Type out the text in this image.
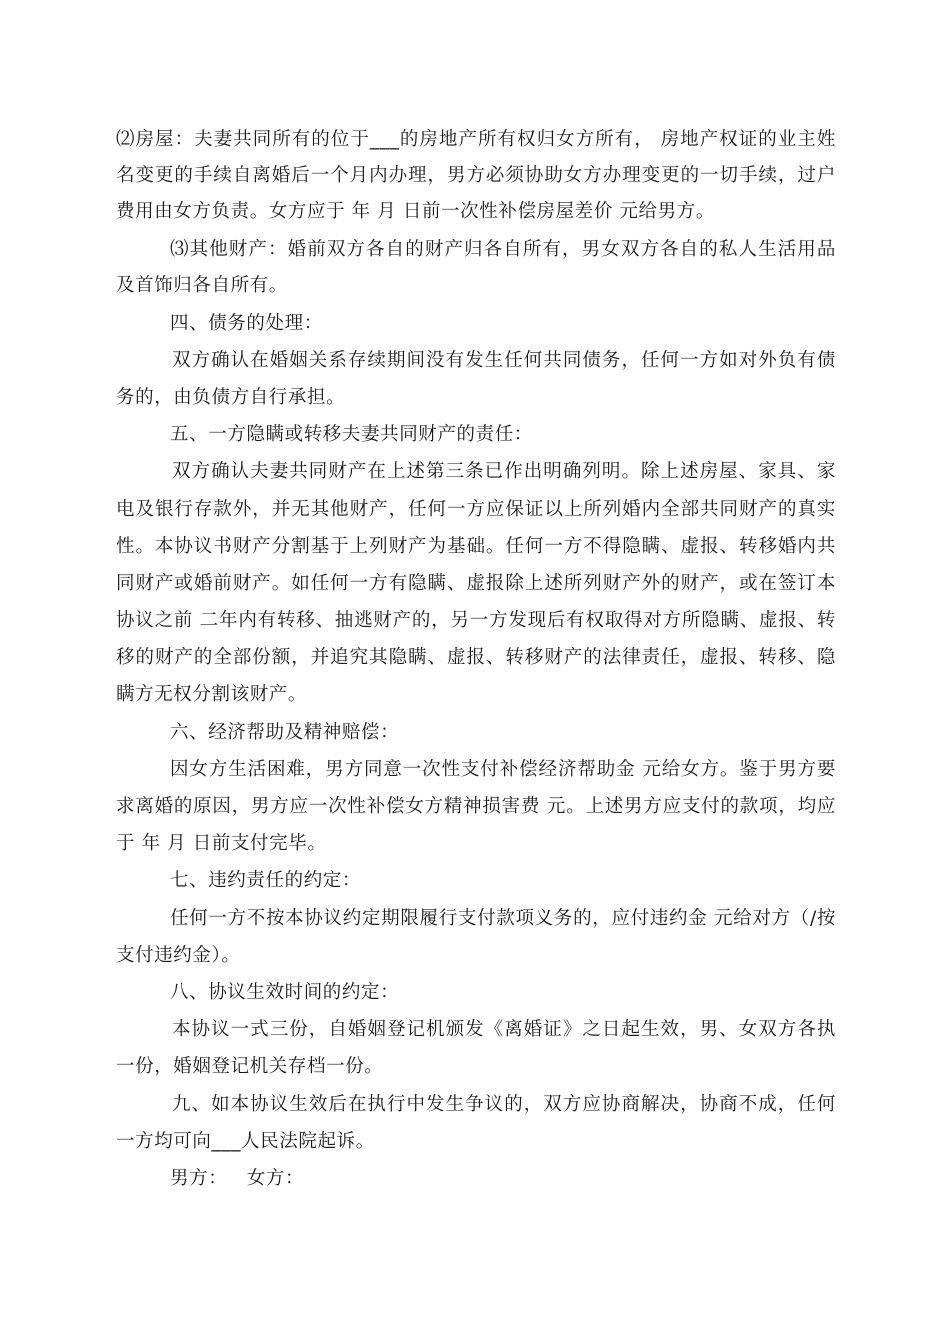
⑵房屋：夫妻共同所有的位于___的房地产所有权归女方所有， 房地产权证的业主姓
名变更的手续自离婚后一个月内办理，男方必须协助女方办理变更的一切手续，过户
费用由女方负责。女方应于 年 月 日前一次性补偿房屋差价 元给男方。
⑶其他财产：婚前双方各自的财产归各自所有，男女双方各自的私人生活用品
及首饰归各自所有。
四、债务的处理：
双方确认在婚姻关系存续期间没有发生任何共同债务，任何一方如对外负有债
务的，由负债方自行承担。
五、一方隐瞒或转移夫妻共同财产的责任：
双方确认夫妻共同财产在上述第三条已作出明确列明。除上述房屋、家具、家
电及银行存款外，并无其他财产，任何一方应保证以上所列婚内全部共同财产的真实
性。本协议书财产分割基于上列财产为基础。任何一方不得隐瞒、虚报、转移婚内共
同财产或婚前财产。如任何一方有隐瞒、虚报除上述所列财产外的财产，或在签订本
协议之前 二年内有转移、抽逃财产的，另一方发现后有权取得对方所隐瞒、虚报、转
移的财产的全部份额，并追究其隐瞒、虚报、转移财产的法律责任，虚报、转移、隐
瞒方无权分割该财产。
六、经济帮助及精神赔偿：
因女方生活困难，男方同意一次性支付补偿经济帮助金 元给女方。鉴于男方要
求离婚的原因，男方应一次性补偿女方精神损害费 元。上述男方应支付的款项，均应
于 年 月 日前支付完毕。
七、违约责任的约定：
任何一方不按本协议约定期限履行支付款项义务的，应付违约金 元给对方（/按
支付违约金）。
八、协议生效时间的约定：
本协议一式三份，自婚姻登记机颁发《离婚证》之日起生效，男、女双方各执
一份，婚姻登记机关存档一份。
九、如本协议生效后在执行中发生争议的，双方应协商解决，协商不成，任何
一方均可向___人民法院起诉。
男方：   女方：
